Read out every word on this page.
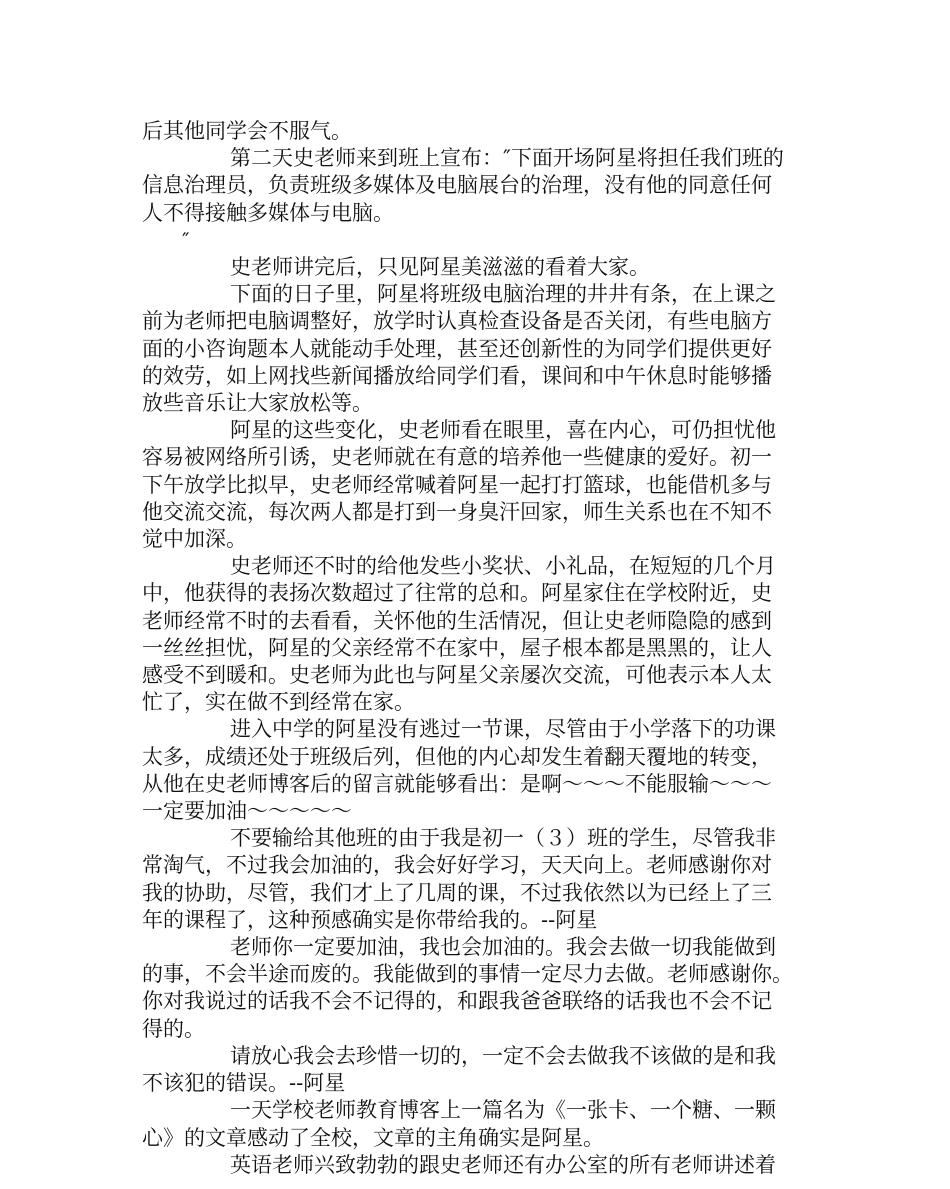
后其他同学会不服气。

第二天史老师来到班上宣布：″下面开场阿星将担任我们班的

信息治理员，负责班级多媒体及电脑展台的治理，没有他的同意任何

人不得接触多媒体与电脑。

″

史老师讲完后，只见阿星美滋滋的看着大家。

下面的日子里，阿星将班级电脑治理的井井有条，在上课之

前为老师把电脑调整好，放学时认真检查设备是否关闭，有些电脑方

面的小咨询题本人就能动手处理，甚至还创新性的为同学们提供更好

的效劳，如上网找些新闻播放给同学们看，课间和中午休息时能够播

放些音乐让大家放松等。

阿星的这些变化，史老师看在眼里，喜在内心，可仍担忧他

容易被网络所引诱，史老师就在有意的培养他一些健康的爱好。初一

下午放学比拟早，史老师经常喊着阿星一起打打篮球，也能借机多与

他交流交流，每次两人都是打到一身臭汗回家，师生关系也在不知不

觉中加深。

史老师还不时的给他发些小奖状、小礼品，在短短的几个月

中，他获得的表扬次数超过了往常的总和。阿星家住在学校附近，史

老师经常不时的去看看，关怀他的生活情况，但让史老师隐隐的感到

一丝丝担忧，阿星的父亲经常不在家中，屋子根本都是黑黑的，让人

感受不到暖和。史老师为此也与阿星父亲屡次交流，可他表示本人太

忙了，实在做不到经常在家。

进入中学的阿星没有逃过一节课，尽管由于小学落下的功课

太多，成绩还处于班级后列，但他的内心却发生着翻天覆地的转变，

从他在史老师博客后的留言就能够看出：是啊～～～不能服输～～～

一定要加油～～～～～

不要输给其他班的由于我是初一（３）班的学生，尽管我非

常淘气，不过我会加油的，我会好好学习，天天向上。老师感谢你对

我的协助，尽管，我们才上了几周的课，不过我依然以为已经上了三

年的课程了，这种预感确实是你带给我的。--阿星

老师你一定要加油，我也会加油的。我会去做一切我能做到

的事，不会半途而废的。我能做到的事情一定尽力去做。老师感谢你。

你对我说过的话我不会不记得的，和跟我爸爸联络的话我也不会不记

得的。

请放心我会去珍惜一切的，一定不会去做我不该做的是和我

不该犯的错误。--阿星

一天学校老师教育博客上一篇名为《一张卡、一个糖、一颗

心》的文章感动了全校，文章的主角确实是阿星。

英语老师兴致勃勃的跟史老师还有办公室的所有老师讲述着
